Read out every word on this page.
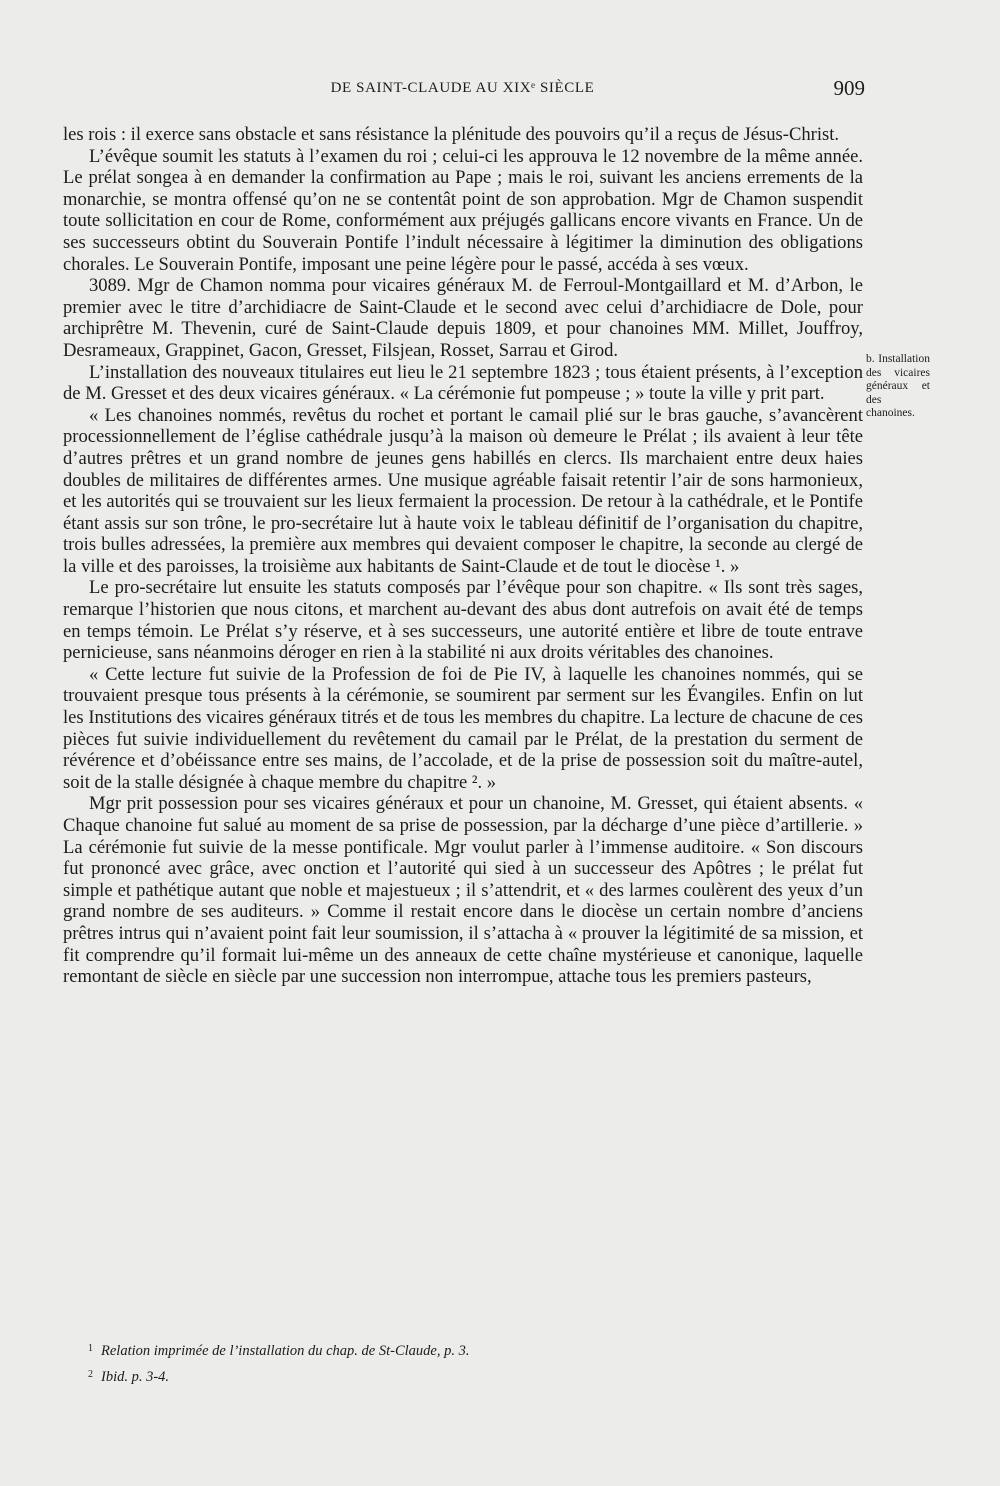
DE SAINT-CLAUDE AU XIXᵉ SIÈCLE	909

les rois : il exerce sans obstacle et sans résistance la plénitude des pouvoirs qu’il a reçus de Jésus-Christ.

L’évêque soumit les statuts à l’examen du roi ; celui-ci les approuva le 12 novembre de la même année. Le prélat songea à en demander la confirmation au Pape ; mais le roi, suivant les anciens errements de la monarchie, se montra offensé qu’on ne se contentât point de son approbation. Mgr de Chamon suspendit toute sollicitation en cour de Rome, conformément aux préjugés gallicans encore vivants en France. Un de ses successeurs obtint du Souverain Pontife l’indult nécessaire à légitimer la diminution des obligations chorales. Le Souverain Pontife, imposant une peine légère pour le passé, accéda à ses vœux.

3089. Mgr de Chamon nomma pour vicaires généraux M. de Ferroul-Montgaillard et M. d’Arbon, le premier avec le titre d’archidiacre de Saint-Claude et le second avec celui d’archidiacre de Dole, pour archiprêtre M. Thevenin, curé de Saint-Claude depuis 1809, et pour chanoines MM. Millet, Jouffroy, Desrameaux, Grappinet, Gacon, Gresset, Filsjean, Rosset, Sarrau et Girod.

L’installation des nouveaux titulaires eut lieu le 21 septembre 1823 ; tous étaient présents, à l’exception de M. Gresset et des deux vicaires généraux. « La cérémonie fut pompeuse ; » toute la ville y prit part.

« Les chanoines nommés, revêtus du rochet et portant le camail plié sur le bras gauche, s’avancèrent processionnellement de l’église cathédrale jusqu’à la maison où demeure le Prélat ; ils avaient à leur tête d’autres prêtres et un grand nombre de jeunes gens habillés en clercs. Ils marchaient entre deux haies doubles de militaires de différentes armes. Une musique agréable faisait retentir l’air de sons harmonieux, et les autorités qui se trouvaient sur les lieux fermaient la procession. De retour à la cathédrale, et le Pontife étant assis sur son trône, le pro-secrétaire lut à haute voix le tableau définitif de l’organisation du chapitre, trois bulles adressées, la première aux membres qui devaient composer le chapitre, la seconde au clergé de la ville et des paroisses, la troisième aux habitants de Saint-Claude et de tout le diocèse ¹. »

Le pro-secrétaire lut ensuite les statuts composés par l’évêque pour son chapitre. « Ils sont très sages, remarque l’historien que nous citons, et marchent au-devant des abus dont autrefois on avait été de temps en temps témoin. Le Prélat s’y réserve, et à ses successeurs, une autorité entière et libre de toute entrave pernicieuse, sans néanmoins déroger en rien à la stabilité ni aux droits véritables des chanoines.

« Cette lecture fut suivie de la Profession de foi de Pie IV, à laquelle les chanoines nommés, qui se trouvaient presque tous présents à la cérémonie, se soumirent par serment sur les Évangiles. Enfin on lut les Institutions des vicaires généraux titrés et de tous les membres du chapitre. La lecture de chacune de ces pièces fut suivie individuellement du revêtement du camail par le Prélat, de la prestation du serment de révérence et d’obéissance entre ses mains, de l’accolade, et de la prise de possession soit du maître-autel, soit de la stalle désignée à chaque membre du chapitre ². »

Mgr prit possession pour ses vicaires généraux et pour un chanoine, M. Gresset, qui étaient absents. « Chaque chanoine fut salué au moment de sa prise de possession, par la décharge d’une pièce d’artillerie. » La cérémonie fut suivie de la messe pontificale. Mgr voulut parler à l’immense auditoire. « Son discours fut prononcé avec grâce, avec onction et l’autorité qui sied à un successeur des Apôtres ; le prélat fut simple et pathétique autant que noble et majestueux ; il s’attendrit, et « des larmes coulèrent des yeux d’un grand nombre de ses auditeurs. » Comme il restait encore dans le diocèse un certain nombre d’anciens prêtres intrus qui n’avaient point fait leur soumission, il s’attacha à « prouver la légitimité de sa mission, et fit comprendre qu’il formait lui-même un des anneaux de cette chaîne mystérieuse et canonique, laquelle remontant de siècle en siècle par une succession non interrompue, attache tous les premiers pasteurs,

b. Installation des vicaires généraux et des chanoines.
$^1$ Relation imprimée de l’installation du chap. de St-Claude, p. 3.
$^2$ Ibid. p. 3-4.
